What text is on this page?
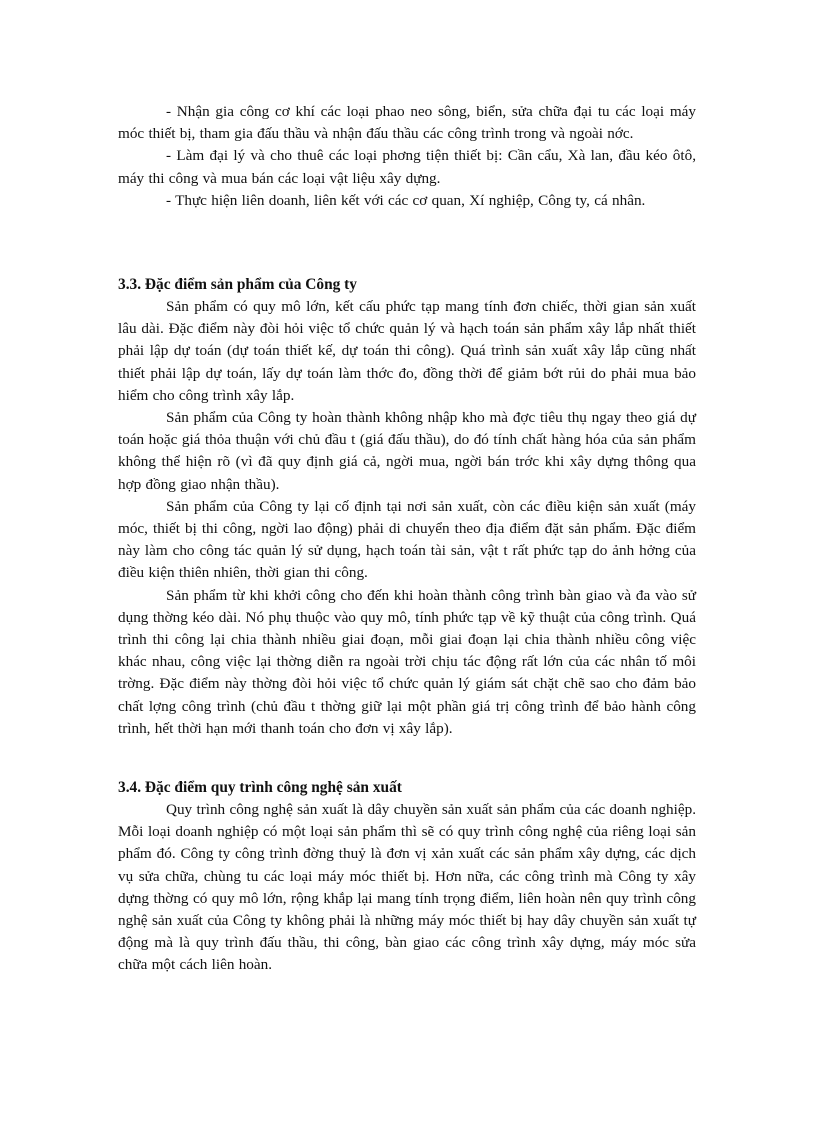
- Nhận gia công cơ khí các loại phao neo sông, biển, sửa chữa đại tu các loại máy móc thiết bị, tham gia đấu thầu và nhận đấu thầu các công trình trong và ngoài nớc.

- Làm đại lý và cho thuê các loại phơng tiện thiết bị: Cần cẩu, Xà lan, đầu kéo ôtô, máy thi công và mua bán các loại vật liệu xây dựng.

- Thực hiện liên doanh, liên kết với các cơ quan, Xí nghiệp, Công ty, cá nhân.

3.3. Đặc điểm sản phẩm của Công ty

Sản phẩm có quy mô lớn, kết cấu phức tạp mang tính đơn chiếc, thời gian sản xuất lâu dài. Đặc điểm này đòi hỏi việc tổ chức quản lý và hạch toán sản phẩm xây lắp nhất thiết phải lập dự toán (dự toán thiết kế, dự toán thi công). Quá trình sản xuất xây lắp cũng nhất thiết phải lập dự toán, lấy dự toán làm thớc đo, đồng thời để giảm bớt rủi do phải mua bảo hiểm cho công trình xây lắp.

Sản phẩm của Công ty hoàn thành không nhập kho mà đợc tiêu thụ ngay theo giá dự toán hoặc giá thỏa thuận với chủ đầu t (giá đấu thầu), do đó tính chất hàng hóa của sản phẩm không thể hiện rõ (vì đã quy định giá cả, ngời mua, ngời bán trớc khi xây dựng thông qua hợp đồng giao nhận thầu).

Sản phẩm của Công ty lại cố định tại nơi sản xuất, còn các điều kiện sản xuất (máy móc, thiết bị thi công, ngời lao động) phải di chuyển theo địa điểm đặt sản phẩm. Đặc điểm này làm cho công tác quản lý sử dụng, hạch toán tài sản, vật t rất phức tạp do ảnh hởng của điều kiện thiên nhiên, thời gian thi công.

Sản phẩm từ khi khởi công cho đến khi hoàn thành công trình bàn giao và đa vào sử dụng thờng kéo dài. Nó phụ thuộc vào quy mô, tính phức tạp về kỹ thuật của công trình. Quá trình thi công lại chia thành nhiều giai đoạn, mỗi giai đoạn lại chia thành nhiều công việc khác nhau, công việc lại thờng diễn ra ngoài trời chịu tác động rất lớn của các nhân tố môi trờng. Đặc điểm này thờng đòi hỏi việc tổ chức quản lý giám sát chặt chẽ sao cho đảm bảo chất lợng công trình (chủ đầu t thờng giữ lại một phần giá trị công trình để bảo hành công trình, hết thời hạn mới thanh toán cho đơn vị xây lắp).

3.4. Đặc điểm quy trình công nghệ sản xuất

Quy trình công nghệ sản xuất là dây chuyền sản xuất sản phẩm của các doanh nghiệp. Mỗi loại doanh nghiệp có một loại sản phẩm thì sẽ có quy trình công nghệ của riêng loại sản phẩm đó. Công ty công trình đờng thuỷ là đơn vị xản xuất các sản phẩm xây dựng, các dịch vụ sửa chữa, chùng tu các loại máy móc thiết bị. Hơn nữa, các công trình mà Công ty xây dựng thờng có quy mô lớn, rộng khắp lại mang tính trọng điểm, liên hoàn nên quy trình công nghệ sản xuất của Công ty không phải là những máy móc thiết bị hay dây chuyền sản xuất tự động mà là quy trình đấu thầu, thi công, bàn giao các công trình xây dựng, máy móc sửa chữa một cách liên hoàn.
